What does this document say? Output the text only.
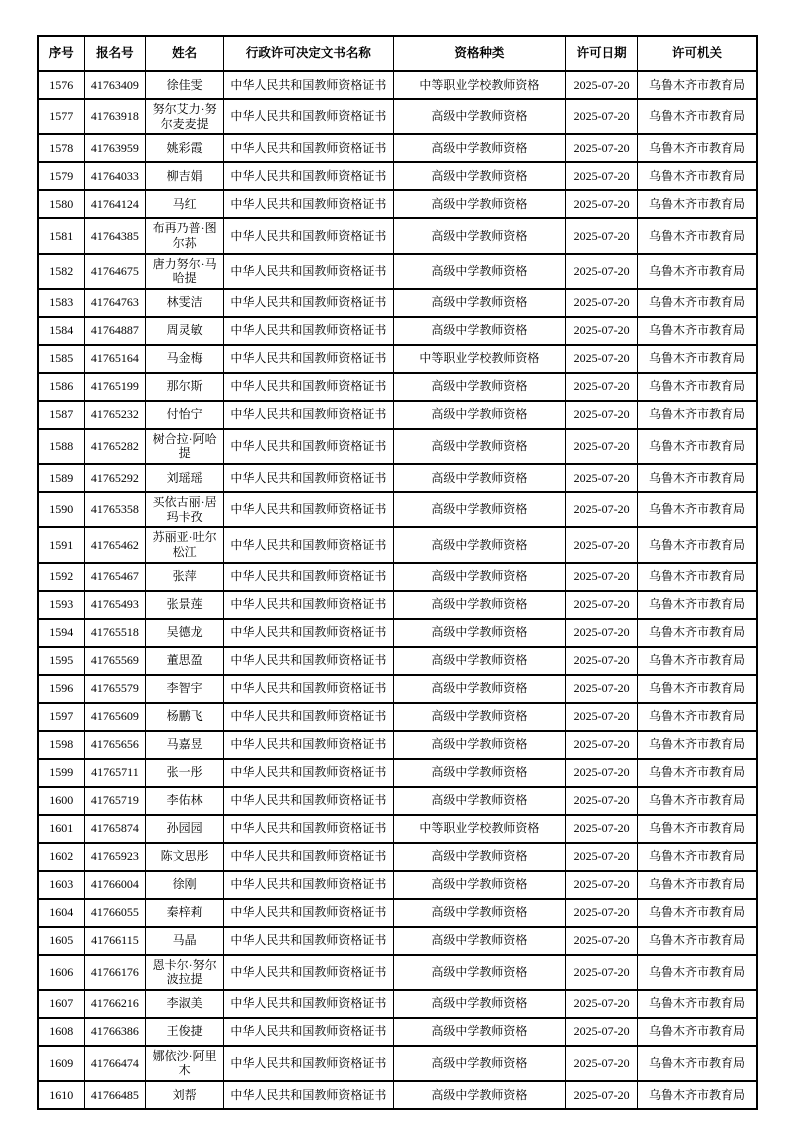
序号	报名号	姓名	行政许可决定文书名称	资格种类	许可日期	许可机关
1576	41763409	徐佳雯	中华人民共和国教师资格证书	中等职业学校教师资格	2025-07-20	乌鲁木齐市教育局
1577	41763918	努尔艾力·努尔麦麦提	中华人民共和国教师资格证书	高级中学教师资格	2025-07-20	乌鲁木齐市教育局
1578	41763959	姚彩霞	中华人民共和国教师资格证书	高级中学教师资格	2025-07-20	乌鲁木齐市教育局
1579	41764033	柳吉娟	中华人民共和国教师资格证书	高级中学教师资格	2025-07-20	乌鲁木齐市教育局
1580	41764124	马红	中华人民共和国教师资格证书	高级中学教师资格	2025-07-20	乌鲁木齐市教育局
1581	41764385	布再乃普·图尔荪	中华人民共和国教师资格证书	高级中学教师资格	2025-07-20	乌鲁木齐市教育局
1582	41764675	唐力努尔·马哈提	中华人民共和国教师资格证书	高级中学教师资格	2025-07-20	乌鲁木齐市教育局
1583	41764763	林雯洁	中华人民共和国教师资格证书	高级中学教师资格	2025-07-20	乌鲁木齐市教育局
1584	41764887	周灵敏	中华人民共和国教师资格证书	高级中学教师资格	2025-07-20	乌鲁木齐市教育局
1585	41765164	马金梅	中华人民共和国教师资格证书	中等职业学校教师资格	2025-07-20	乌鲁木齐市教育局
1586	41765199	那尔斯	中华人民共和国教师资格证书	高级中学教师资格	2025-07-20	乌鲁木齐市教育局
1587	41765232	付怡宁	中华人民共和国教师资格证书	高级中学教师资格	2025-07-20	乌鲁木齐市教育局
1588	41765282	树合拉·阿哈提	中华人民共和国教师资格证书	高级中学教师资格	2025-07-20	乌鲁木齐市教育局
1589	41765292	刘瑶瑶	中华人民共和国教师资格证书	高级中学教师资格	2025-07-20	乌鲁木齐市教育局
1590	41765358	买依古丽·居玛卡孜	中华人民共和国教师资格证书	高级中学教师资格	2025-07-20	乌鲁木齐市教育局
1591	41765462	苏丽亚·吐尔松江	中华人民共和国教师资格证书	高级中学教师资格	2025-07-20	乌鲁木齐市教育局
1592	41765467	张萍	中华人民共和国教师资格证书	高级中学教师资格	2025-07-20	乌鲁木齐市教育局
1593	41765493	张景莲	中华人民共和国教师资格证书	高级中学教师资格	2025-07-20	乌鲁木齐市教育局
1594	41765518	吴德龙	中华人民共和国教师资格证书	高级中学教师资格	2025-07-20	乌鲁木齐市教育局
1595	41765569	董思盈	中华人民共和国教师资格证书	高级中学教师资格	2025-07-20	乌鲁木齐市教育局
1596	41765579	李智宇	中华人民共和国教师资格证书	高级中学教师资格	2025-07-20	乌鲁木齐市教育局
1597	41765609	杨鹏飞	中华人民共和国教师资格证书	高级中学教师资格	2025-07-20	乌鲁木齐市教育局
1598	41765656	马嘉昱	中华人民共和国教师资格证书	高级中学教师资格	2025-07-20	乌鲁木齐市教育局
1599	41765711	张一彤	中华人民共和国教师资格证书	高级中学教师资格	2025-07-20	乌鲁木齐市教育局
1600	41765719	李佑林	中华人民共和国教师资格证书	高级中学教师资格	2025-07-20	乌鲁木齐市教育局
1601	41765874	孙园园	中华人民共和国教师资格证书	中等职业学校教师资格	2025-07-20	乌鲁木齐市教育局
1602	41765923	陈文思彤	中华人民共和国教师资格证书	高级中学教师资格	2025-07-20	乌鲁木齐市教育局
1603	41766004	徐刚	中华人民共和国教师资格证书	高级中学教师资格	2025-07-20	乌鲁木齐市教育局
1604	41766055	秦梓莉	中华人民共和国教师资格证书	高级中学教师资格	2025-07-20	乌鲁木齐市教育局
1605	41766115	马晶	中华人民共和国教师资格证书	高级中学教师资格	2025-07-20	乌鲁木齐市教育局
1606	41766176	恩卡尔·努尔波拉提	中华人民共和国教师资格证书	高级中学教师资格	2025-07-20	乌鲁木齐市教育局
1607	41766216	李淑美	中华人民共和国教师资格证书	高级中学教师资格	2025-07-20	乌鲁木齐市教育局
1608	41766386	王俊捷	中华人民共和国教师资格证书	高级中学教师资格	2025-07-20	乌鲁木齐市教育局
1609	41766474	娜依沙·阿里木	中华人民共和国教师资格证书	高级中学教师资格	2025-07-20	乌鲁木齐市教育局
1610	41766485	刘帮	中华人民共和国教师资格证书	高级中学教师资格	2025-07-20	乌鲁木齐市教育局
